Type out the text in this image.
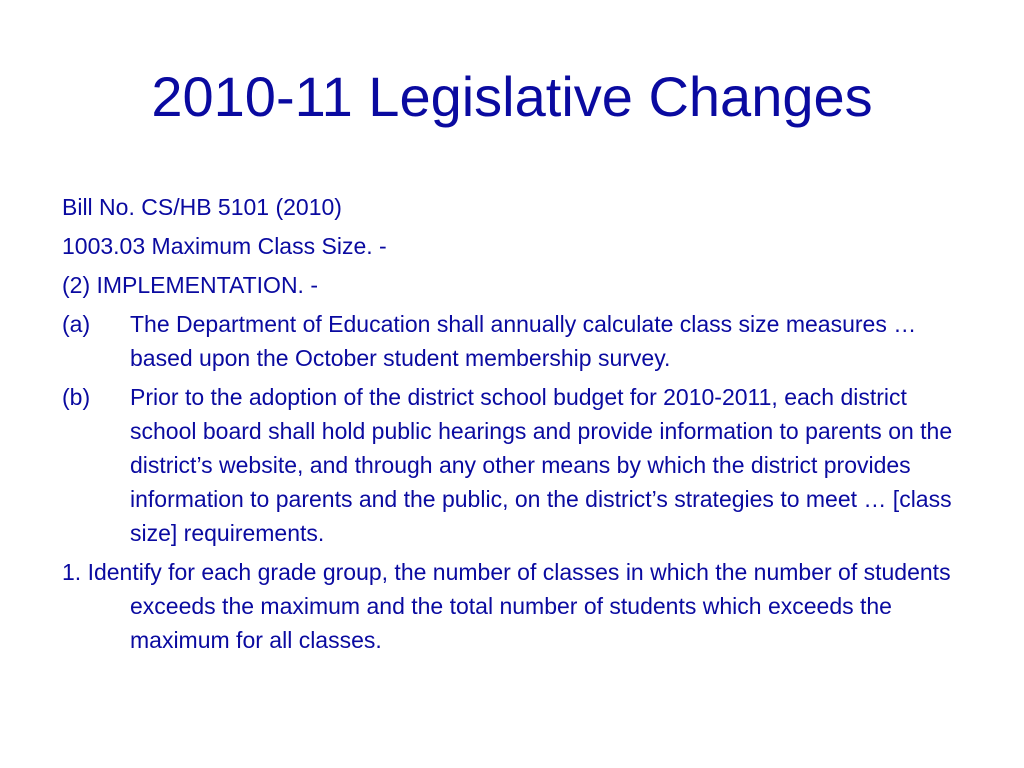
2010-11 Legislative Changes
Bill No. CS/HB 5101 (2010)
1003.03 Maximum Class Size. -
(2) IMPLEMENTATION. -
(a)	The Department of Education shall annually calculate class size measures … based upon the October student membership survey.
(b)	Prior to the adoption of the district school budget for 2010-2011, each district school board shall hold public hearings and provide information to parents on the district’s website, and through any other means by which the district provides information to parents and the public, on the district’s strategies to meet … [class size] requirements.

1. Identify for each grade group, the number of classes in which the number of students exceeds the maximum and the total number of students which exceeds the maximum for all classes.
